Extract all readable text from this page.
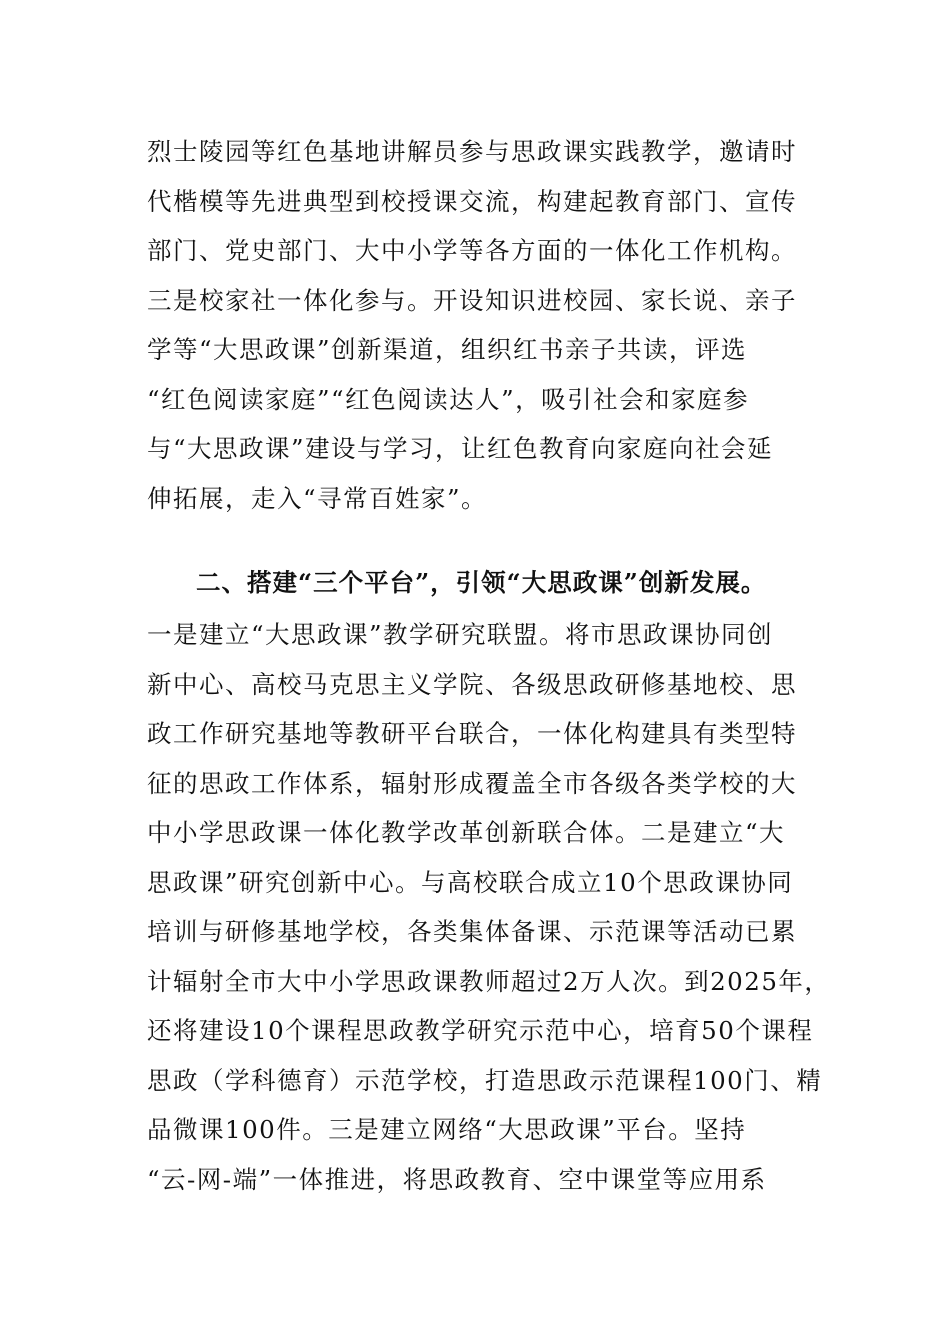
烈士陵园等红色基地讲解员参与思政课实践教学，邀请时
代楷模等先进典型到校授课交流，构建起教育部门、宣传
部门、党史部门、大中小学等各方面的一体化工作机构。
三是校家社一体化参与。开设知识进校园、家长说、亲子
学等“大思政课”创新渠道，组织红书亲子共读，评选
“红色阅读家庭”“红色阅读达人”，吸引社会和家庭参
与“大思政课”建设与学习，让红色教育向家庭向社会延
伸拓展，走入“寻常百姓家”。
二、搭建“三个平台”，引领“大思政课”创新发展。
一是建立“大思政课”教学研究联盟。将市思政课协同创
新中心、高校马克思主义学院、各级思政研修基地校、思
政工作研究基地等教研平台联合，一体化构建具有类型特
征的思政工作体系，辐射形成覆盖全市各级各类学校的大
中小学思政课一体化教学改革创新联合体。二是建立“大
思政课”研究创新中心。与高校联合成立10个思政课协同
培训与研修基地学校，各类集体备课、示范课等活动已累
计辐射全市大中小学思政课教师超过2万人次。到2025年，
还将建设10个课程思政教学研究示范中心，培育50个课程
思政（学科德育）示范学校，打造思政示范课程100门、精
品微课100件。三是建立网络“大思政课”平台。坚持
“云-网-端”一体推进，将思政教育、空中课堂等应用系
